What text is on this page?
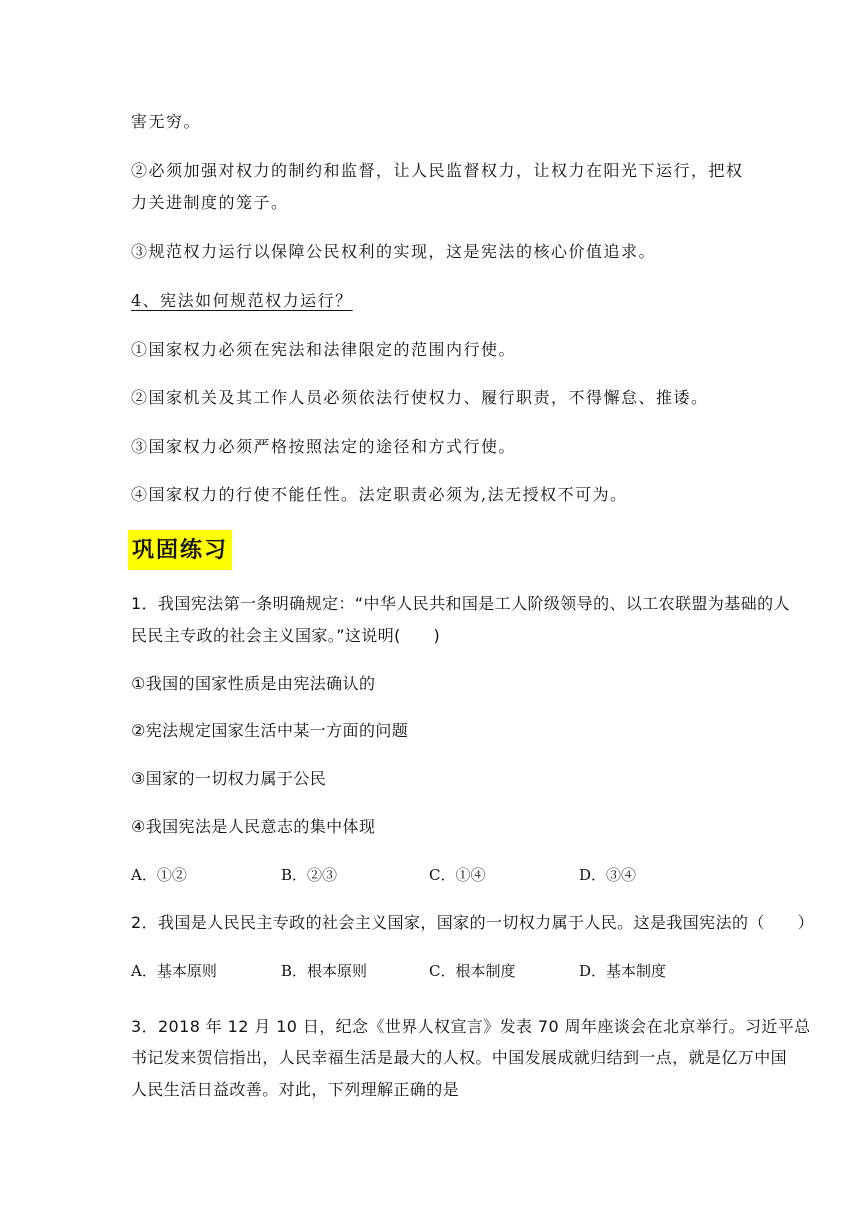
害无穷。

②必须加强对权力的制约和监督，让人民监督权力，让权力在阳光下运行，把权

力关进制度的笼子。

③规范权力运行以保障公民权利的实现，这是宪法的核心价值追求。

4、宪法如何规范权力运行？

①国家权力必须在宪法和法律限定的范围内行使。

②国家机关及其工作人员必须依法行使权力、履行职责，不得懈怠、推诿。

③国家权力必须严格按照法定的途径和方式行使。

④国家权力的行使不能任性。法定职责必须为,法无授权不可为。

巩固练习

1．我国宪法第一条明确规定：“中华人民共和国是工人阶级领导的、以工农联盟为基础的人

民民主专政的社会主义国家。”这说明(　　)

①我国的国家性质是由宪法确认的

②宪法规定国家生活中某一方面的问题

③国家的一切权力属于公民

④我国宪法是人民意志的集中体现

A．①②	B．②③	C．①④	D．③④

2．我国是人民民主专政的社会主义国家，国家的一切权力属于人民。这是我国宪法的（　　）

A．基本原则	B．根本原则	C．根本制度	D．基本制度

3．2018 年 12 月 10 日，纪念《世界人权宣言》发表 70 周年座谈会在北京举行。习近平总

书记发来贺信指出，人民幸福生活是最大的人权。中国发展成就归结到一点，就是亿万中国

人民生活日益改善。对此，下列理解正确的是
